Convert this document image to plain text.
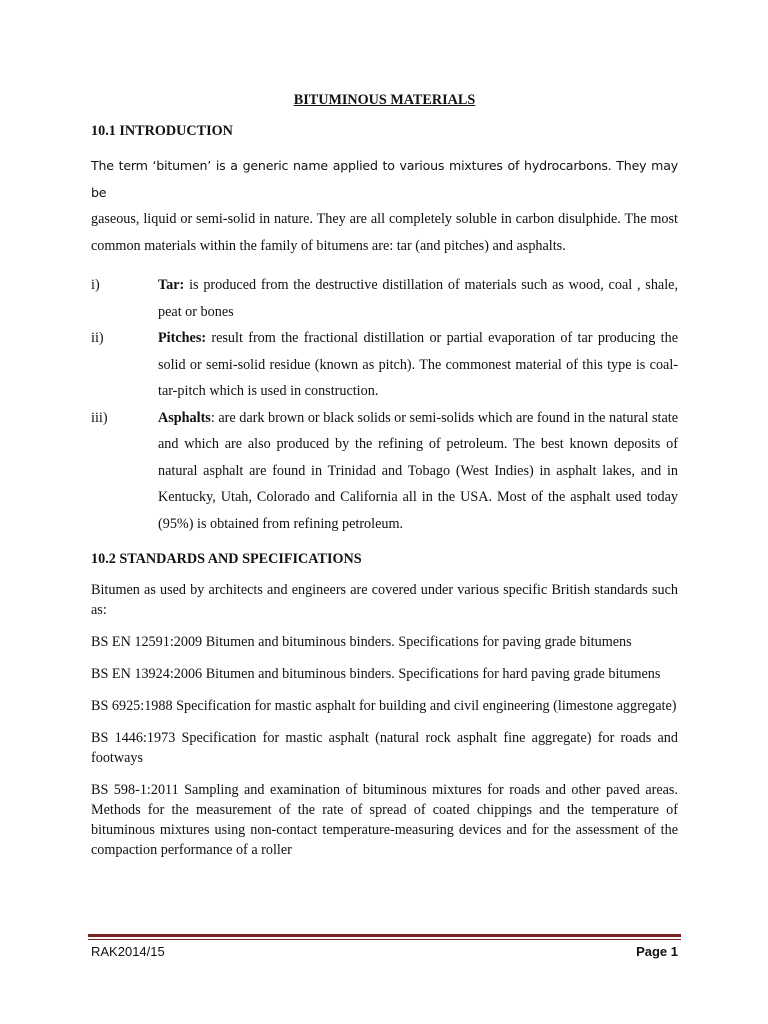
BITUMINOUS MATERIALS
10.1 INTRODUCTION
The term ‘bitumen’ is a generic name applied to various mixtures of hydrocarbons. They may be
gaseous, liquid or semi-solid in nature. They are all completely soluble in carbon disulphide. The most common materials within the family of bitumens are: tar (and pitches) and asphalts.
i)	Tar: is produced from the destructive distillation of materials such as wood, coal , shale, peat or bones
ii)	Pitches: result from the fractional distillation or partial evaporation of tar producing the solid or semi-solid residue (known as pitch). The commonest material of this type is coal-tar-pitch which is used in construction.
iii)	Asphalts: are dark brown or black solids or semi-solids which are found in the natural state and which are also produced by the refining of petroleum. The best known deposits of natural asphalt are found in Trinidad and Tobago (West Indies) in asphalt lakes, and in Kentucky, Utah, Colorado and California all in the USA. Most of the asphalt used today (95%) is obtained from refining petroleum.
10.2 STANDARDS AND SPECIFICATIONS
Bitumen as used by architects and engineers are covered under various specific British standards such as:
BS EN 12591:2009 Bitumen and bituminous binders. Specifications for paving grade bitumens
BS EN 13924:2006 Bitumen and bituminous binders. Specifications for hard paving grade bitumens
BS 6925:1988 Specification for mastic asphalt for building and civil engineering (limestone aggregate)
BS 1446:1973 Specification for mastic asphalt (natural rock asphalt fine aggregate) for roads and footways
BS 598-1:2011 Sampling and examination of bituminous mixtures for roads and other paved areas. Methods for the measurement of the rate of spread of coated chippings and the temperature of bituminous mixtures using non-contact temperature-measuring devices and for the assessment of the compaction performance of a roller
RAK2014/15	Page 1
